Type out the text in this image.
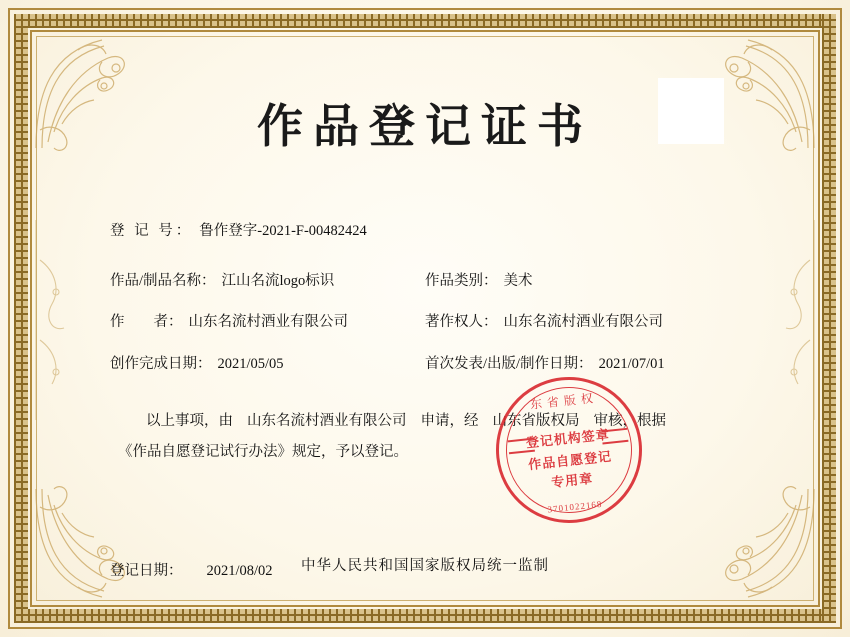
作品登记证书
登 记 号： 鲁作登字-2021-F-00482424
作品/制品名称： 江山名流logo标识	作品类别： 美术
作　　者： 山东名流村酒业有限公司	著作权人： 山东名流村酒业有限公司
创作完成日期： 2021/05/05	首次发表/出版/制作日期： 2021/07/01
以上事项，由 山东名流村酒业有限公司 申请，经 山东省版权局 审核，根据
《作品自愿登记试行办法》规定，予以登记。
登记日期： 2021/08/02
东省版权
登记机构签章
作品自愿登记
专用章
3701022168
中华人民共和国国家版权局统一监制
